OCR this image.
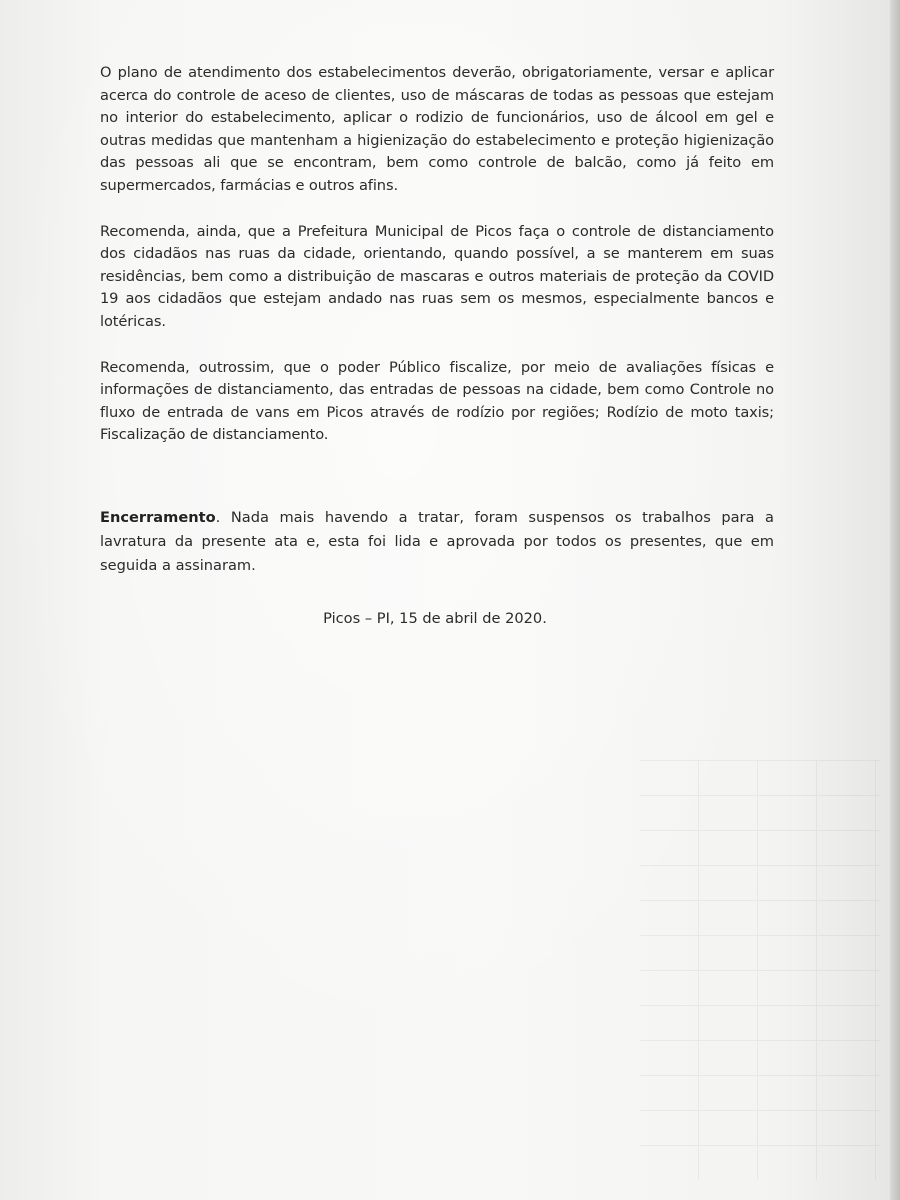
O plano de atendimento dos estabelecimentos deverão, obrigatoriamente, versar e aplicar acerca do controle de aceso de clientes, uso de máscaras de todas as pessoas que estejam no interior do estabelecimento, aplicar o rodizio de funcionários, uso de álcool em gel e outras medidas que mantenham a higienização do estabelecimento e proteção higienização das pessoas ali que se encontram, bem como controle de balcão, como já feito em supermercados, farmácias e outros afins.

Recomenda, ainda, que a Prefeitura Municipal de Picos faça o controle de distanciamento dos cidadãos nas ruas da cidade, orientando, quando possível, a se manterem em suas residências, bem como a distribuição de mascaras e outros materiais de proteção da COVID 19 aos cidadãos que estejam andado nas ruas sem os mesmos, especialmente bancos e lotéricas.

Recomenda, outrossim, que o poder Público fiscalize, por meio de avaliações físicas e informações de distanciamento, das entradas de pessoas na cidade, bem como Controle no fluxo de entrada de vans em Picos através de rodízio por regiões; Rodízio de moto taxis; Fiscalização de distanciamento.

Encerramento. Nada mais havendo a tratar, foram suspensos os trabalhos para a lavratura da presente ata e, esta foi lida e aprovada por todos os presentes, que em seguida a assinaram.

Picos – PI, 15 de abril de 2020.
